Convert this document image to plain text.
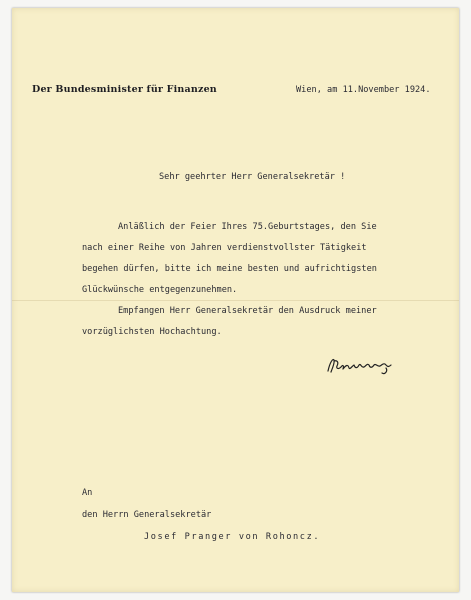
Der Bundesminister für Finanzen	Wien, am 11.November 1924.
Sehr geehrter Herr Generalsekretär !
Anläßlich der Feier Ihres 75.Geburtstages, den Sie
nach einer Reihe von Jahren verdienstvollster Tätigkeit
begehen dürfen, bitte ich meine besten und aufrichtigsten
Glückwünsche entgegenzunehmen.
Empfangen Herr Generalsekretär den Ausdruck meiner
vorzüglichsten Hochachtung.
An
den Herrn Generalsekretär
Josef Pranger von Rohoncz.
